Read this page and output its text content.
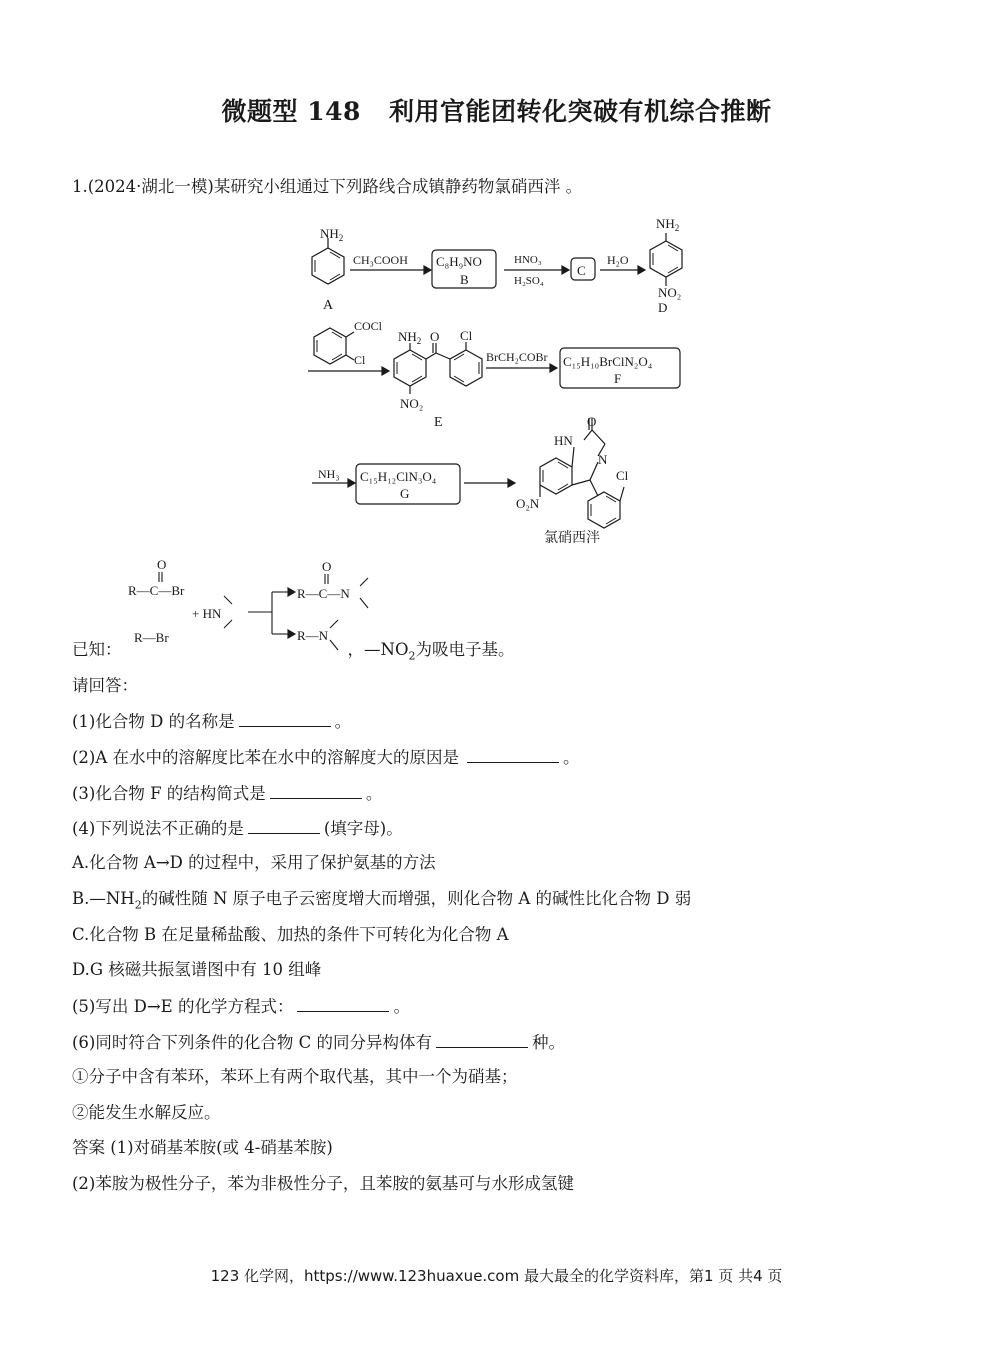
微题型 148 利用官能团转化突破有机综合推断
1.(2024·湖北一模)某研究小组通过下列路线合成镇静药物氯硝西泮 。
$NH_2$
A
CH₃COOH C₈H₉NO
B
HNO₃
H₂SO₄
C
H₂O
$NH_2$
NO₂
D
COCl
Cl
$NH_2$ O Cl
NO₂
E
BrCH₂COBr C₁₅H₁₀BrClN₂O₄
F
NH₃ C₁₅H₁₂ClN₃O₄
G
O
HN
N
Cl
O₂N
氯硝西泮
O
R—C—Br
+ HN
R—Br
O
R—C—N
R—N
已知：	，$—NO_2$为吸电子基。
请回答：
(1)化合物 D 的名称是	。
(2)A 在水中的溶解度比苯在水中的溶解度大的原因是	。
(3)化合物 F 的结构简式是	。
(4)下列说法不正确的是	(填字母)。
A.化合物 A→D 的过程中，采用了保护氨基的方法
$B.—NH_2$的碱性随 N 原子电子云密度增大而增强，则化合物 A 的碱性比化合物 D 弱
C.化合物 B 在足量稀盐酸、加热的条件下可转化为化合物 A
D.G 核磁共振氢谱图中有 10 组峰
(5)写出 D→E 的化学方程式：	。
(6)同时符合下列条件的化合物 C 的同分异构体有	种。
①分子中含有苯环，苯环上有两个取代基，其中一个为硝基；
②能发生水解反应。
答案 (1)对硝基苯胺(或 4-硝基苯胺)
(2)苯胺为极性分子，苯为非极性分子，且苯胺的氨基可与水形成氢键
123 化学网，https://www.123huaxue.com 最大最全的化学资料库，第1 页 共4 页
